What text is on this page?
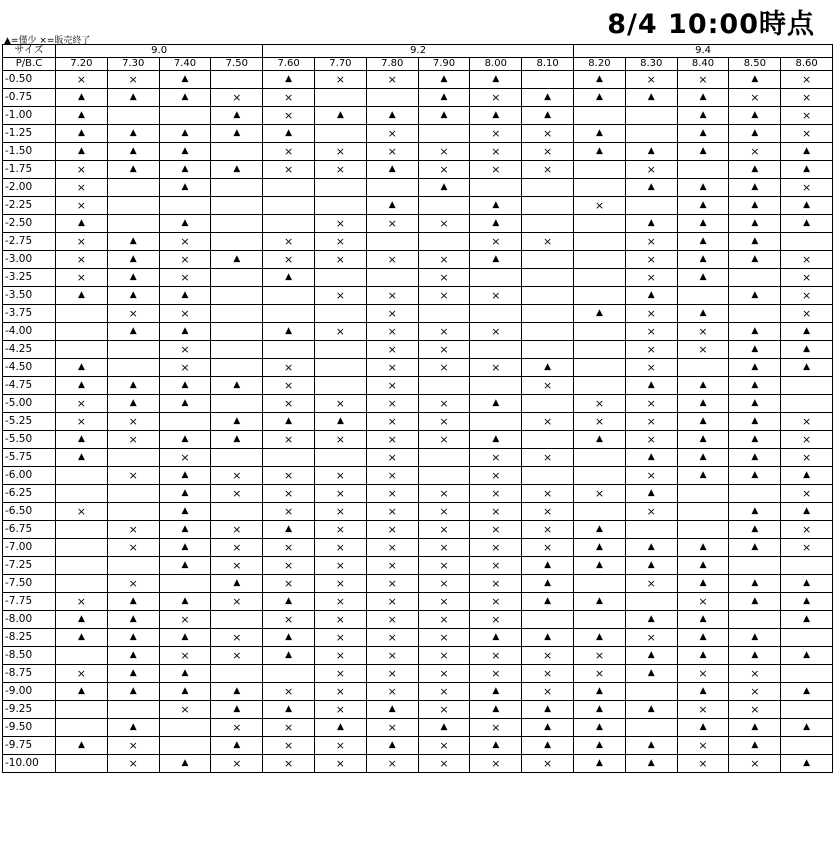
8/4 10:00時点
▲=僅少 ×=販売終了
サイズ	9.0				9.2						9.4				
P/B.C	7.20	7.30	7.40	7.50	7.60	7.70	7.80	7.90	8.00	8.10	8.20	8.30	8.40	8.50	8.60
-0.50	×	×	▲		▲	×	×	▲	▲		▲	×	×	▲	×
-0.75	▲	▲	▲	×	×			▲	×	▲	▲	▲	▲	×	×
-1.00	▲			▲	×	▲	▲	▲	▲	▲			▲	▲	×
-1.25	▲	▲	▲	▲	▲		×		×	×	▲		▲	▲	×
-1.50	▲	▲	▲		×	×	×	×	×	×	▲	▲	▲	×	▲
-1.75	×	▲	▲	▲	×	×	▲	×	×	×		×		▲	▲
-2.00	×		▲					▲				▲	▲	▲	×
-2.25	×						▲		▲		×		▲	▲	▲
-2.50	▲		▲			×	×	×	▲			▲	▲	▲	▲
-2.75	×	▲	×		×	×			×	×		×	▲	▲	
-3.00	×	▲	×	▲	×	×	×	×	▲			×	▲	▲	×
-3.25	×	▲	×		▲			×				×	▲		×
-3.50	▲	▲	▲			×	×	×	×			▲		▲	×
-3.75		×	×				×				▲	×	▲		×
-4.00		▲	▲		▲	×	×	×	×			×	×	▲	▲
-4.25			×				×	×				×	×	▲	▲
-4.50	▲		×		×		×	×	×	▲		×		▲	▲
-4.75	▲	▲	▲	▲	×		×			×		▲	▲	▲	
-5.00	×	▲	▲		×	×	×	×	▲		×	×	▲	▲	
-5.25	×	×		▲	▲	▲	×	×		×	×	×	▲	▲	×
-5.50	▲	×	▲	▲	×	×	×	×	▲		▲	×	▲	▲	×
-5.75	▲		×				×		×	×		▲	▲	▲	×
-6.00		×	▲	×	×	×	×		×			×	▲	▲	▲
-6.25			▲	×	×	×	×	×	×	×	×	▲			×
-6.50	×		▲		×	×	×	×	×	×		×		▲	▲
-6.75		×	▲	×	▲	×	×	×	×	×	▲			▲	×
-7.00		×	▲	×	×	×	×	×	×	×	▲	▲	▲	▲	×
-7.25			▲	×	×	×	×	×	×	▲	▲	▲	▲		
-7.50		×		▲	×	×	×	×	×	▲		×	▲	▲	▲
-7.75	×	▲	▲	×	▲	×	×	×	×	▲	▲		×	▲	▲
-8.00	▲	▲	×		×	×	×	×	×			▲	▲		▲
-8.25	▲	▲	▲	×	▲	×	×	×	▲	▲	▲	×	▲	▲	
-8.50		▲	×	×	▲	×	×	×	×	×	×	▲	▲	▲	▲
-8.75	×	▲	▲			×	×	×	×	×	×	▲	×	×	
-9.00	▲	▲	▲	▲	×	×	×	×	▲	×	▲		▲	×	▲
-9.25			×	▲	▲	×	▲	×	▲	▲	▲	▲	×	×	
-9.50		▲		×	×	▲	×	▲	×	▲	▲		▲	▲	▲
-9.75	▲	×		▲	×	×	▲	×	▲	▲	▲	▲	×	▲	
-10.00		×	▲	×	×	×	×	×	×	×	▲	▲	×	×	▲
